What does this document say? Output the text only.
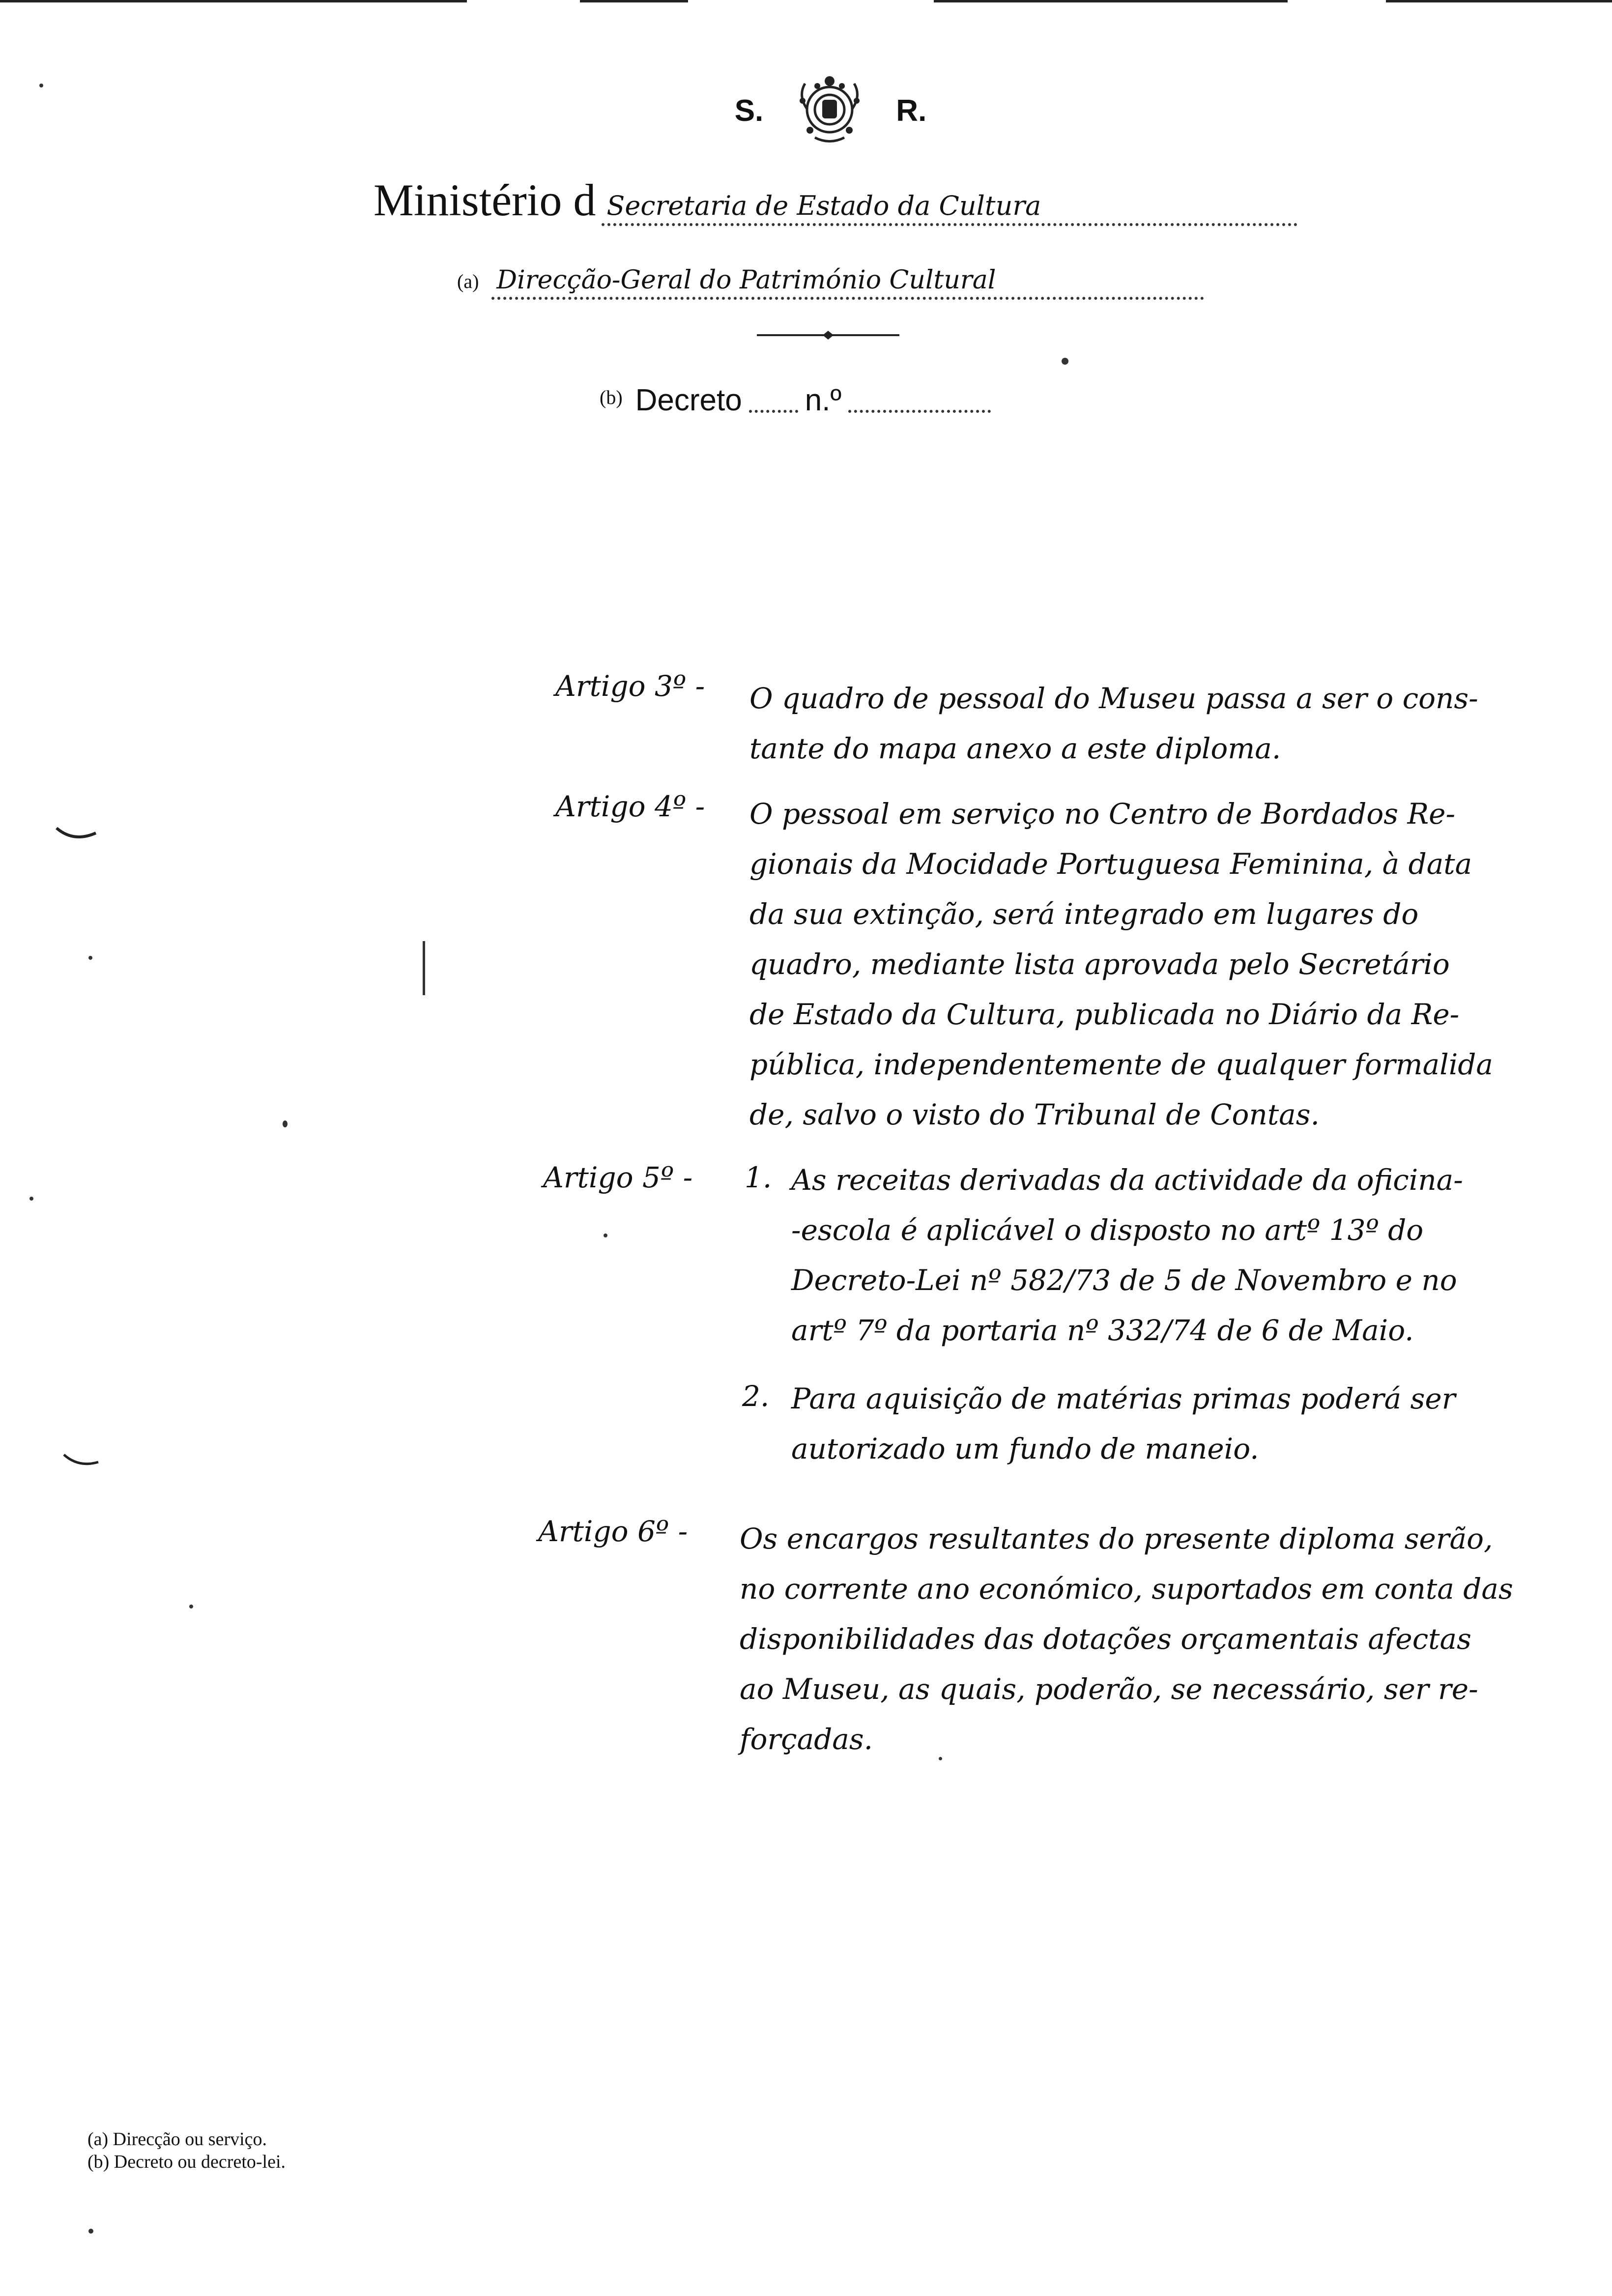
S.	R.
Ministério d Secretaria de Estado da Cultura
(a) Direcção-Geral do Património Cultural
(b) Decreto n.º
Artigo 3º - O quadro de pessoal do Museu passa a ser o cons-

tante do mapa anexo a este diploma.

Artigo 4º - O pessoal em serviço no Centro de Bordados Re-

gionais da Mocidade Portuguesa Feminina, à data

da sua extinção, será integrado em lugares do

quadro, mediante lista aprovada pelo Secretário

de Estado da Cultura, publicada no Diário da Re-

pública, independentemente de qualquer formalida

de, salvo o visto do Tribunal de Contas.

Artigo 5º - 1. As receitas derivadas da actividade da oficina-

-escola é aplicável o disposto no artº 13º do

Decreto-Lei nº 582/73 de 5 de Novembro e no

artº 7º da portaria nº 332/74 de 6 de Maio.

2. Para aquisição de matérias primas poderá ser

autorizado um fundo de maneio.

Artigo 6º - Os encargos resultantes do presente diploma serão,

no corrente ano económico, suportados em conta das

disponibilidades das dotações orçamentais afectas

ao Museu, as quais, poderão, se necessário, ser re-

forçadas.

(a) Direcção ou serviço.
(b) Decreto ou decreto-lei.
